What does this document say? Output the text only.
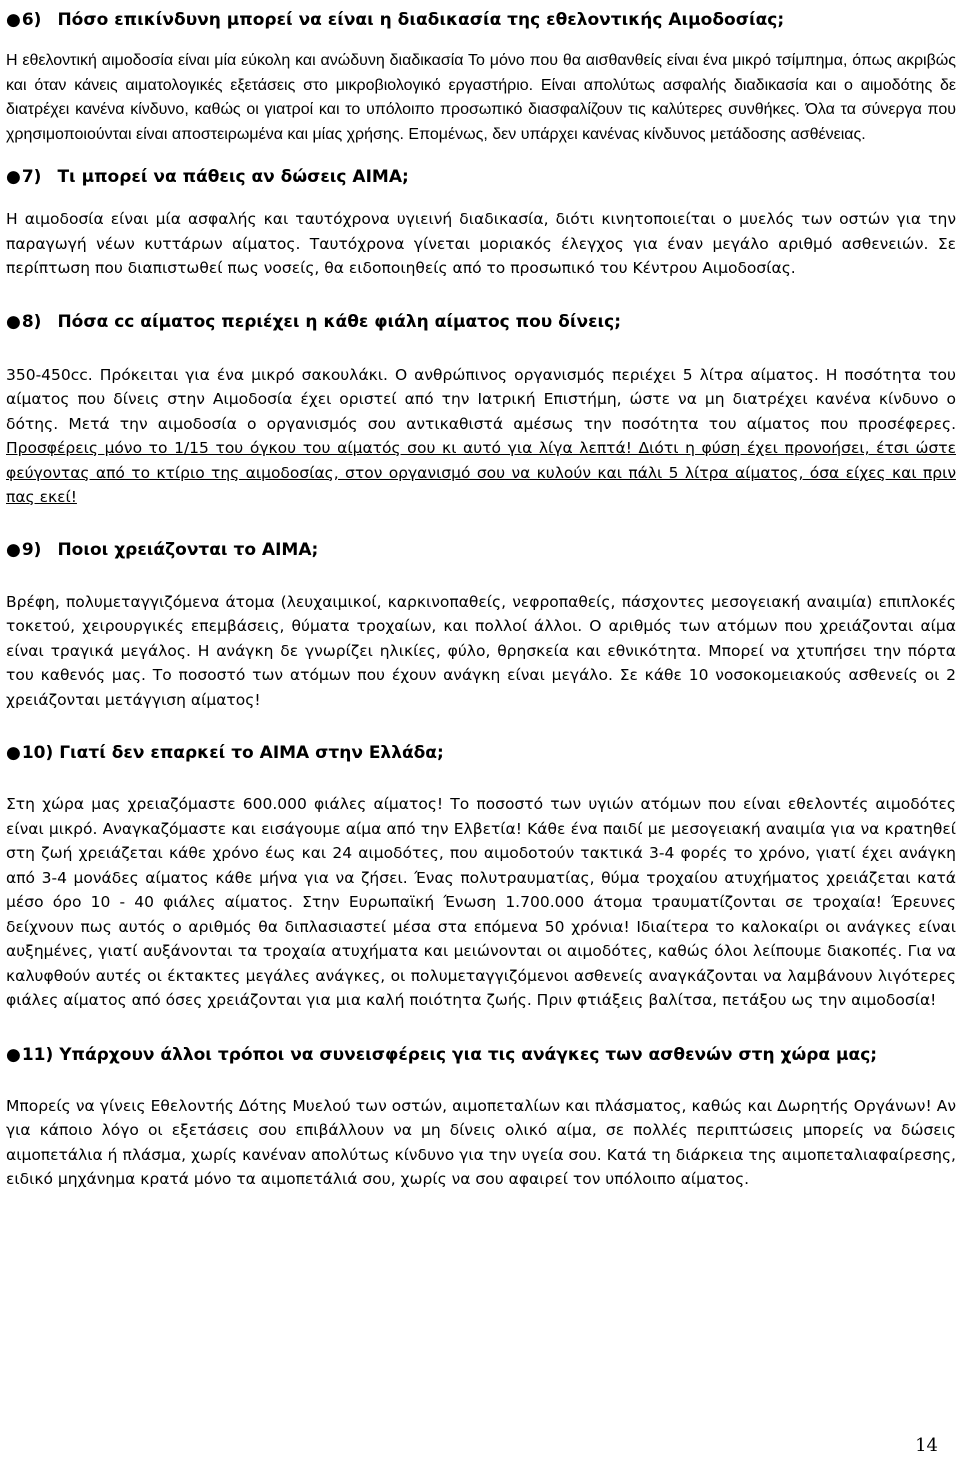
●6) Πόσο επικίνδυνη μπορεί να είναι η διαδικασία της εθελοντικής Αιμοδοσίας;

Η εθελοντική αιμοδοσία είναι μία εύκολη και ανώδυνη διαδικασία Το μόνο που θα αισθανθείς είναι ένα μικρό τσίμπημα, όπως ακριβώς και όταν κάνεις αιματολογικές εξετάσεις στο μικροβιολογικό εργαστήριο. Είναι απολύτως ασφαλής διαδικασία και ο αιμοδότης δε διατρέχει κανένα κίνδυνο, καθώς οι γιατροί και το υπόλοιπο προσωπικό διασφαλίζουν τις καλύτερες συνθήκες. Όλα τα σύνεργα που χρησιμοποιούνται είναι αποστειρωμένα και μίας χρήσης. Επομένως, δεν υπάρχει κανένας κίνδυνος μετάδοσης ασθένειας.

●7) Τι μπορεί να πάθεις αν δώσεις ΑΙΜΑ;

Η αιμοδοσία είναι μία ασφαλής και ταυτόχρονα υγιεινή διαδικασία, διότι κινητοποιείται ο μυελός των οστών για την παραγωγή νέων κυττάρων αίματος. Ταυτόχρονα γίνεται μοριακός έλεγχος για έναν μεγάλο αριθμό ασθενειών. Σε περίπτωση που διαπιστωθεί πως νοσείς, θα ειδοποιηθείς από το προσωπικό του Κέντρου Αιμοδοσίας.

●8) Πόσα cc αίματος περιέχει η κάθε φιάλη αίματος που δίνεις;

350-450cc. Πρόκειται για ένα μικρό σακουλάκι. Ο ανθρώπινος οργανισμός περιέχει 5 λίτρα αίματος. Η ποσότητα του αίματος που δίνεις στην Αιμοδοσία έχει οριστεί από την Ιατρική Επιστήμη, ώστε να μη διατρέχει κανένα κίνδυνο ο δότης. Μετά την αιμοδοσία ο οργανισμός σου αντικαθιστά αμέσως την ποσότητα του αίματος που προσέφερες. Προσφέρεις μόνο το 1/15 του όγκου του αίματός σου κι αυτό για λίγα λεπτά! Διότι η φύση έχει προνοήσει, έτσι ώστε φεύγοντας από το κτίριο της αιμοδοσίας, στον οργανισμό σου να κυλούν και πάλι 5 λίτρα αίματος, όσα είχες και πριν πας εκεί!

●9) Ποιοι χρειάζονται το ΑΙΜΑ;

Βρέφη, πολυμεταγγιζόμενα άτομα (λευχαιμικοί, καρκινοπαθείς, νεφροπαθείς, πάσχοντες μεσογειακή αναιμία) επιπλοκές τοκετού, χειρουργικές επεμβάσεις, θύματα τροχαίων, και πολλοί άλλοι. Ο αριθμός των ατόμων που χρειάζονται αίμα είναι τραγικά μεγάλος. Η ανάγκη δε γνωρίζει ηλικίες, φύλο, θρησκεία και εθνικότητα. Μπορεί να χτυπήσει την πόρτα του καθενός μας. Το ποσοστό των ατόμων που έχουν ανάγκη είναι μεγάλο. Σε κάθε 10 νοσοκομειακούς ασθενείς οι 2 χρειάζονται μετάγγιση αίματος!

●10) Γιατί δεν επαρκεί το ΑΙΜΑ στην Ελλάδα;

Στη χώρα μας χρειαζόμαστε 600.000 φιάλες αίματος! Το ποσοστό των υγιών ατόμων που είναι εθελοντές αιμοδότες είναι μικρό. Αναγκαζόμαστε και εισάγουμε αίμα από την Ελβετία! Κάθε ένα παιδί με μεσογειακή αναιμία για να κρατηθεί στη ζωή χρειάζεται κάθε χρόνο έως και 24 αιμοδότες, που αιμοδοτούν τακτικά 3-4 φορές το χρόνο, γιατί έχει ανάγκη από 3-4 μονάδες αίματος κάθε μήνα για να ζήσει. Ένας πολυτραυματίας, θύμα τροχαίου ατυχήματος χρειάζεται κατά μέσο όρο 10 - 40 φιάλες αίματος. Στην Ευρωπαϊκή Ένωση 1.700.000 άτομα τραυματίζονται σε τροχαία! Έρευνες δείχνουν πως αυτός ο αριθμός θα διπλασιαστεί μέσα στα επόμενα 50 χρόνια! Ιδιαίτερα το καλοκαίρι οι ανάγκες είναι αυξημένες, γιατί αυξάνονται τα τροχαία ατυχήματα και μειώνονται οι αιμοδότες, καθώς όλοι λείπουμε διακοπές. Για να καλυφθούν αυτές οι έκτακτες μεγάλες ανάγκες, οι πολυμεταγγιζόμενοι ασθενείς αναγκάζονται να λαμβάνουν λιγότερες φιάλες αίματος από όσες χρειάζονται για μια καλή ποιότητα ζωής. Πριν φτιάξεις βαλίτσα, πετάξου ως την αιμοδοσία!

●11) Υπάρχουν άλλοι τρόποι να συνεισφέρεις για τις ανάγκες των ασθενών στη χώρα μας;

Μπορείς να γίνεις Εθελοντής Δότης Μυελού των οστών, αιμοπεταλίων και πλάσματος, καθώς και Δωρητής Οργάνων! Αν για κάποιο λόγο οι εξετάσεις σου επιβάλλουν να μη δίνεις ολικό αίμα, σε πολλές περιπτώσεις μπορείς να δώσεις αιμοπετάλια ή πλάσμα, χωρίς κανέναν απολύτως κίνδυνο για την υγεία σου. Κατά τη διάρκεια της αιμοπεταλιαφαίρεσης, ειδικό μηχάνημα κρατά μόνο τα αιμοπετάλιά σου, χωρίς να σου αφαιρεί τον υπόλοιπο αίματος.

14
